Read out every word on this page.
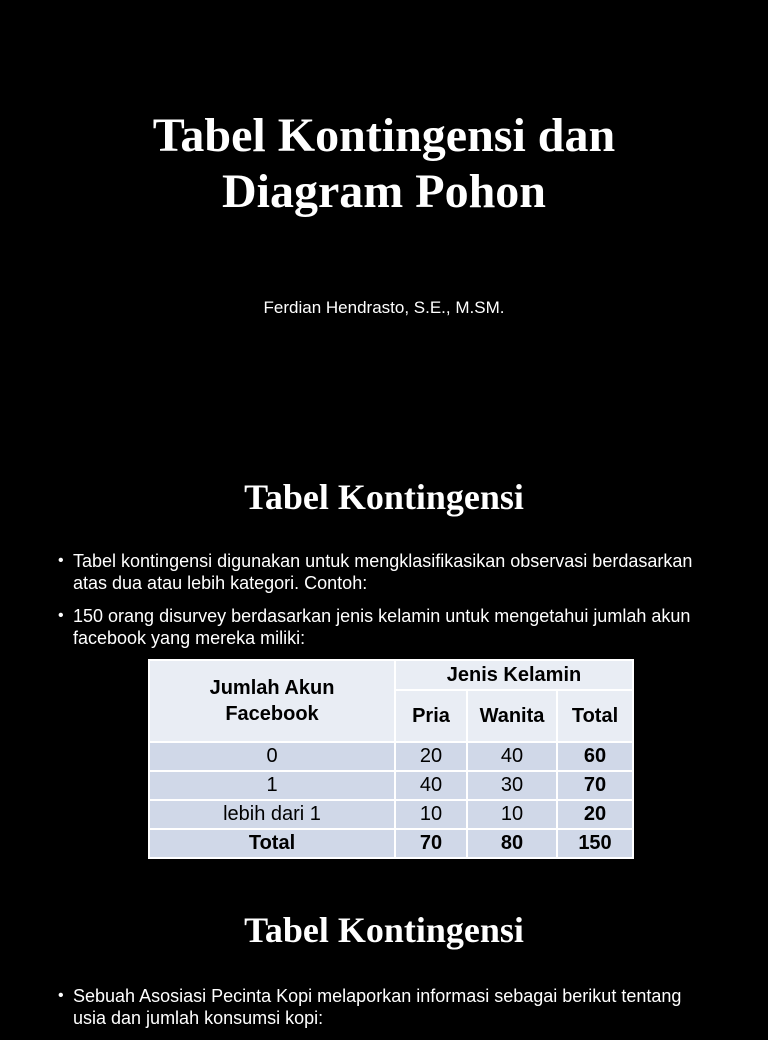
Tabel Kontingensi dan
Diagram Pohon
Ferdian Hendrasto, S.E., M.SM.
Tabel Kontingensi
• Tabel kontingensi digunakan untuk mengklasifikasikan observasi berdasarkan atas dua atau lebih kategori. Contoh:
• 150 orang disurvey berdasarkan jenis kelamin untuk mengetahui jumlah akun facebook yang mereka miliki:
Jumlah Akun
Facebook	Jenis Kelamin		
	Pria	Wanita	Total
0	20	40	60
1	40	30	70
lebih dari 1	10	10	20
Total	70	80	150
Tabel Kontingensi
• Sebuah Asosiasi Pecinta Kopi melaporkan informasi sebagai berikut tentang usia dan jumlah konsumsi kopi:
